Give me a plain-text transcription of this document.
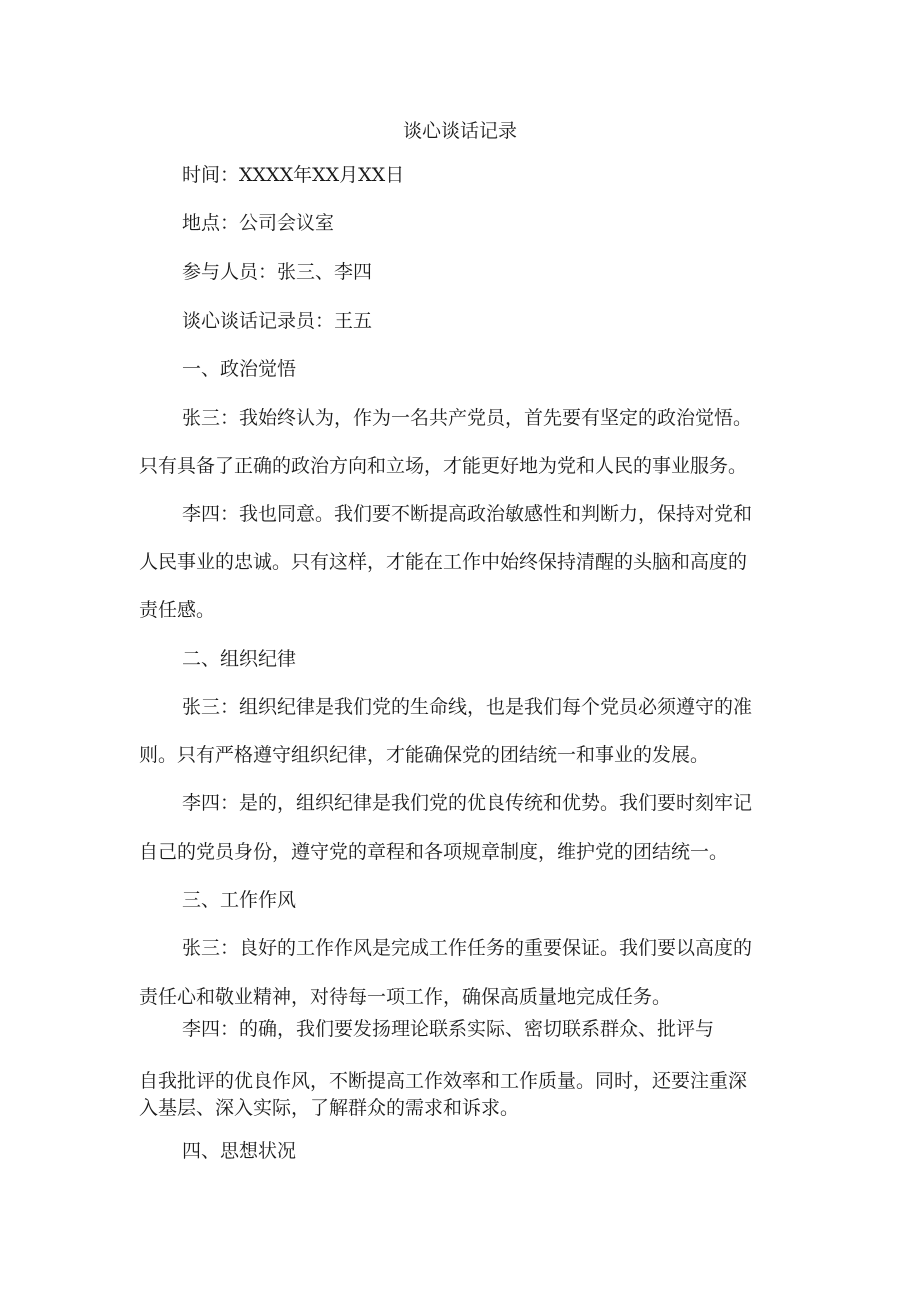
谈心谈话记录
时间：XXXX年XX月XX日
地点：公司会议室
参与人员：张三、李四
谈心谈话记录员：王五
一、政治觉悟
张三：我始终认为，作为一名共产党员，首先要有坚定的政治觉悟。
只有具备了正确的政治方向和立场，才能更好地为党和人民的事业服务。
李四：我也同意。我们要不断提高政治敏感性和判断力，保持对党和
人民事业的忠诚。只有这样，才能在工作中始终保持清醒的头脑和高度的
责任感。
二、组织纪律
张三：组织纪律是我们党的生命线，也是我们每个党员必须遵守的准
则。只有严格遵守组织纪律，才能确保党的团结统一和事业的发展。
李四：是的，组织纪律是我们党的优良传统和优势。我们要时刻牢记
自己的党员身份，遵守党的章程和各项规章制度，维护党的团结统一。
三、工作作风
张三：良好的工作作风是完成工作任务的重要保证。我们要以高度的
责任心和敬业精神，对待每一项工作，确保高质量地完成任务。
李四：的确，我们要发扬理论联系实际、密切联系群众、批评与
自我批评的优良作风，不断提高工作效率和工作质量。同时，还要注重深
入基层、深入实际，了解群众的需求和诉求。
四、思想状况
